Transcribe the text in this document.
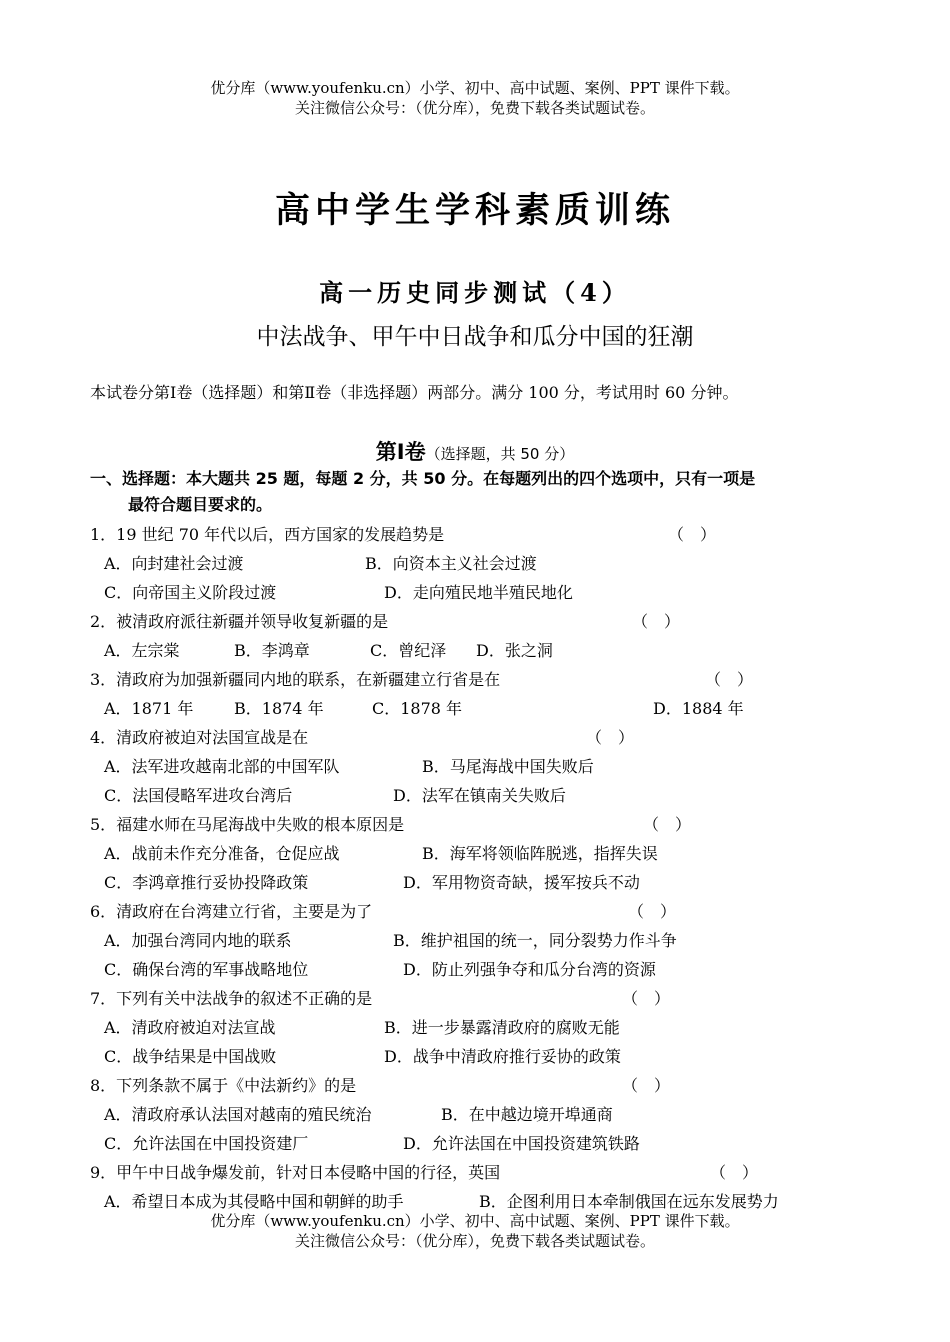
优分库（www.youfenku.cn）小学、初中、高中试题、案例、PPT 课件下载。
关注微信公众号：（优分库），免费下载各类试题试卷。
高中学生学科素质训练
高一历史同步测试（4）
中法战争、甲午中日战争和瓜分中国的狂潮
本试卷分第Ⅰ卷（选择题）和第Ⅱ卷（非选择题）两部分。满分 100 分，考试用时 60 分钟。
第Ⅰ卷（选择题，共 50 分）
一、选择题：本大题共 25 题，每题 2 分，共 50 分。在每题列出的四个选项中，只有一项是
最符合题目要求的。
1．19 世纪 70 年代以后，西方国家的发展趋势是	（　）
A．向封建社会过渡	B．向资本主义社会过渡
C．向帝国主义阶段过渡	D．走向殖民地半殖民地化
2．被清政府派往新疆并领导收复新疆的是	（　）
A．左宗棠	B．李鸿章	C．曾纪泽 D．张之洞
3．清政府为加强新疆同内地的联系，在新疆建立行省是在	（　）
A．1871 年	B．1874 年	C．1878 年	D．1884 年
4．清政府被迫对法国宣战是在	（　）
A．法军进攻越南北部的中国军队	B．马尾海战中国失败后
C．法国侵略军进攻台湾后	D．法军在镇南关失败后
5．福建水师在马尾海战中失败的根本原因是	（　）
A．战前未作充分准备，仓促应战	B．海军将领临阵脱逃，指挥失误
C．李鸿章推行妥协投降政策	D．军用物资奇缺，援军按兵不动
6．清政府在台湾建立行省，主要是为了	（　）
A．加强台湾同内地的联系	B．维护祖国的统一，同分裂势力作斗争
C．确保台湾的军事战略地位	D．防止列强争夺和瓜分台湾的资源
7．下列有关中法战争的叙述不正确的是	（　）
A．清政府被迫对法宣战	B．进一步暴露清政府的腐败无能
C．战争结果是中国战败	D．战争中清政府推行妥协的政策
8．下列条款不属于《中法新约》的是	（　）
A．清政府承认法国对越南的殖民统治	B．在中越边境开埠通商
C．允许法国在中国投资建厂	D．允许法国在中国投资建筑铁路
9．甲午中日战争爆发前，针对日本侵略中国的行径，英国	（　）
A．希望日本成为其侵略中国和朝鲜的助手	B．企图利用日本牵制俄国在远东发展势力
优分库（www.youfenku.cn）小学、初中、高中试题、案例、PPT 课件下载。
关注微信公众号：（优分库），免费下载各类试题试卷。
